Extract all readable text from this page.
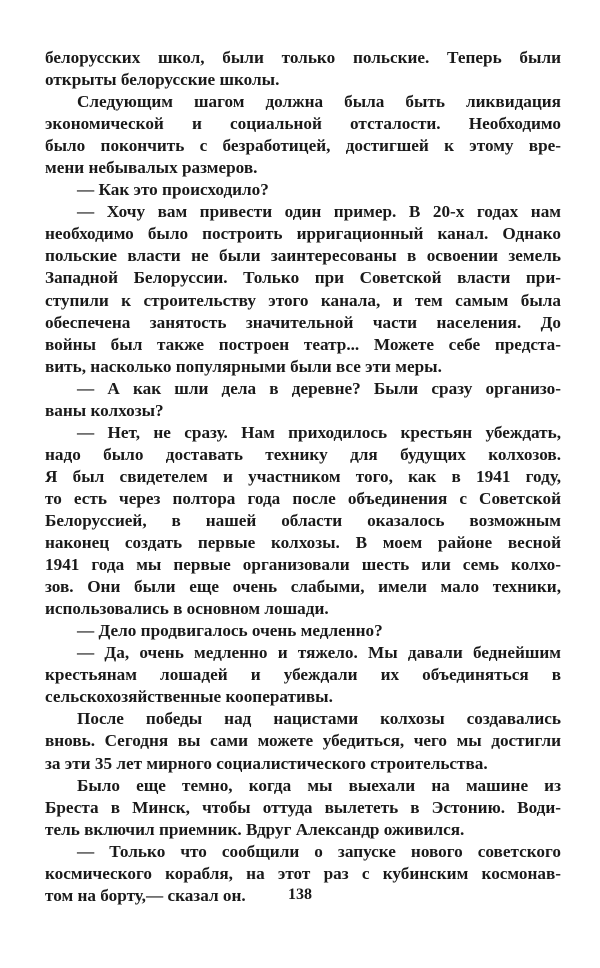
белорусских школ, были только польские. Теперь были
открыты белорусские школы.
Следующим шагом должна была быть ликвидация
экономической и социальной отсталости. Необходимо
было покончить с безработицей, достигшей к этому вре-
мени небывалых размеров.
— Как это происходило?
— Хочу вам привести один пример. В 20-х годах нам
необходимо было построить ирригационный канал. Однако
польские власти не были заинтересованы в освоении земель
Западной Белоруссии. Только при Советской власти при-
ступили к строительству этого канала, и тем самым была
обеспечена занятость значительной части населения. До
войны был также построен театр... Можете себе предста-
вить, насколько популярными были все эти меры.
— А как шли дела в деревне? Были сразу организо-
ваны колхозы?
— Нет, не сразу. Нам приходилось крестьян убеждать,
надо было доставать технику для будущих колхозов.
Я был свидетелем и участником того, как в 1941 году,
то есть через полтора года после объединения с Советской
Белоруссией, в нашей области оказалось возможным
наконец создать первые колхозы. В моем районе весной
1941 года мы первые организовали шесть или семь колхо-
зов. Они были еще очень слабыми, имели мало техники,
использовались в основном лошади.
— Дело продвигалось очень медленно?
— Да, очень медленно и тяжело. Мы давали беднейшим
крестьянам лошадей и убеждали их объединяться в
сельскохозяйственные кооперативы.
После победы над нацистами колхозы создавались
вновь. Сегодня вы сами можете убедиться, чего мы достигли
за эти 35 лет мирного социалистического строительства.
Было еще темно, когда мы выехали на машине из
Бреста в Минск, чтобы оттуда вылететь в Эстонию. Води-
тель включил приемник. Вдруг Александр оживился.
— Только что сообщили о запуске нового советского
космического корабля, на этот раз с кубинским космонав-
том на борту,— сказал он.	138
